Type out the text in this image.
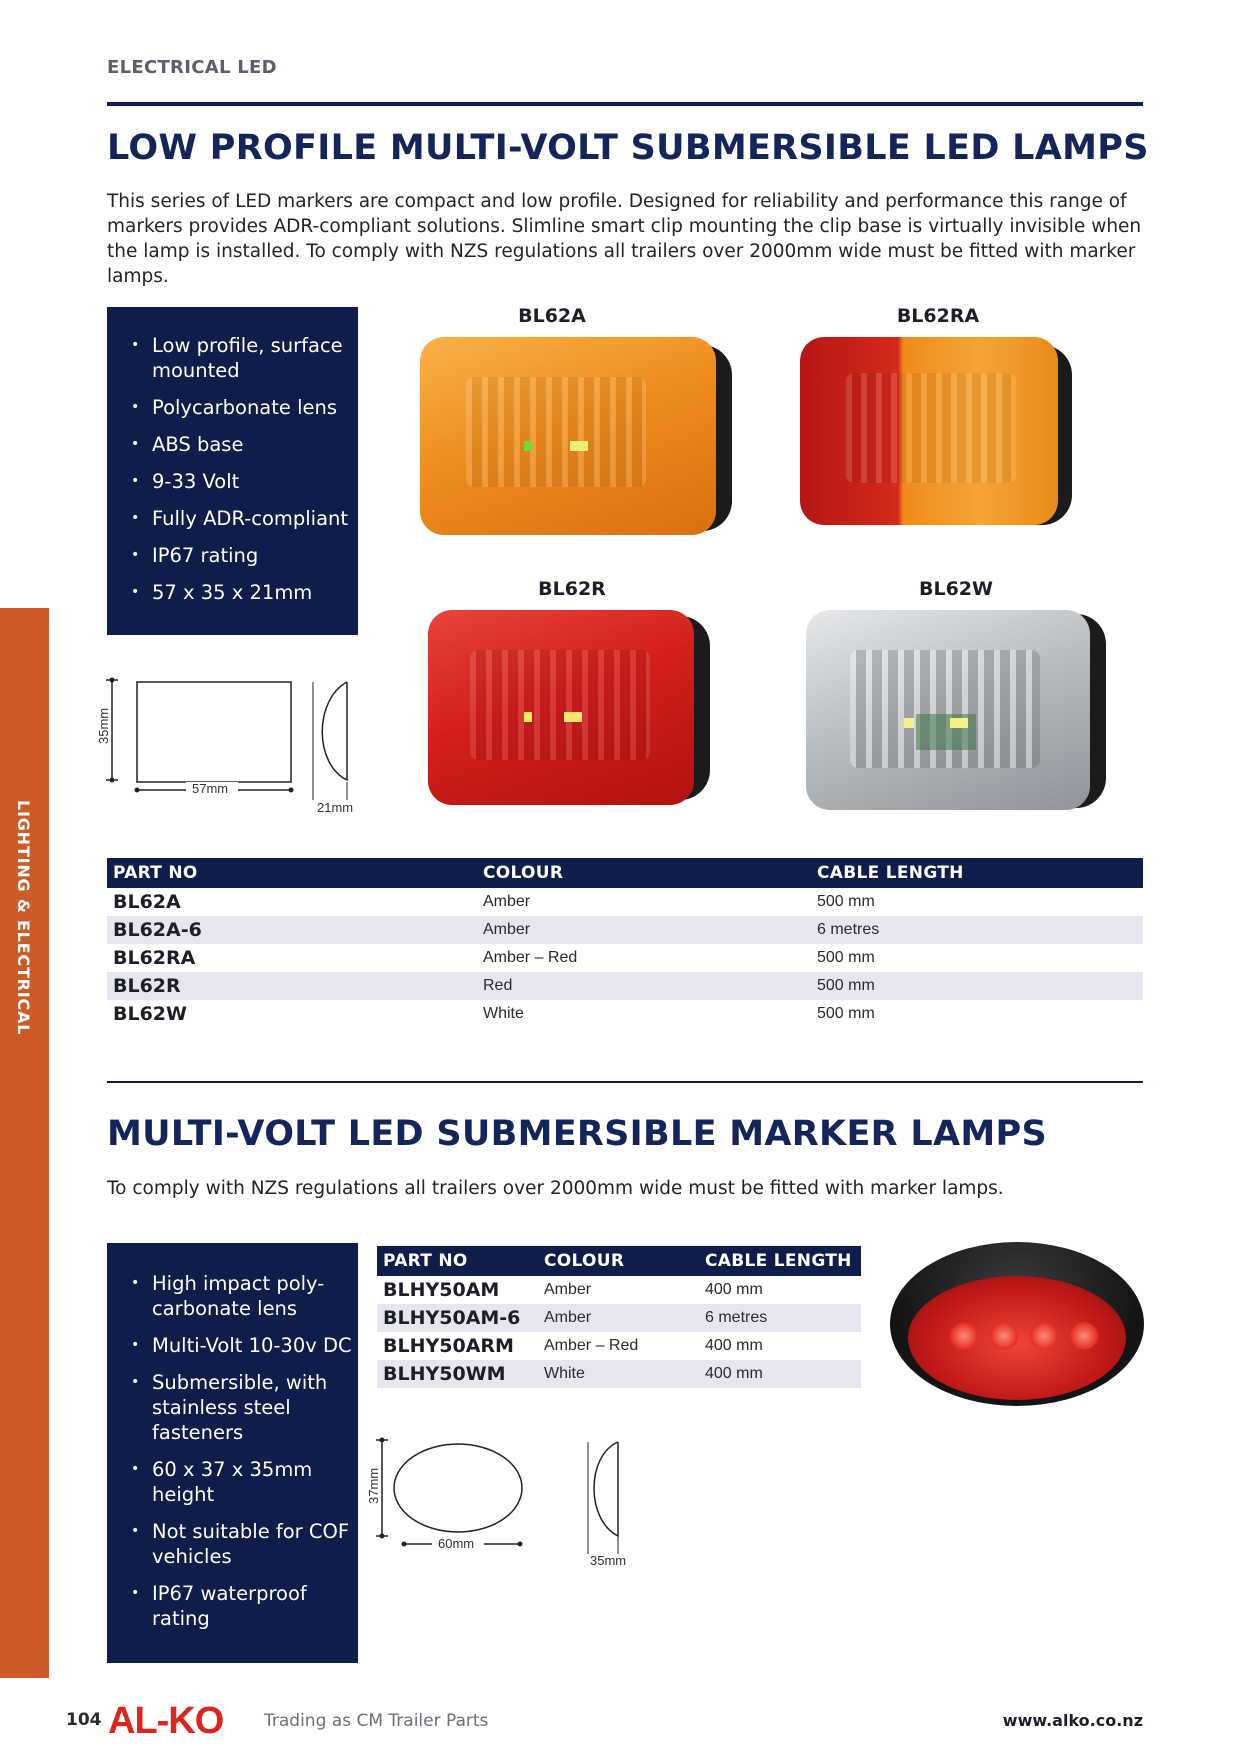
ELECTRICAL LED
LIGHTING & ELECTRICAL
LOW PROFILE MULTI-VOLT SUBMERSIBLE LED LAMPS
This series of LED markers are compact and low profile. Designed for reliability and performance this range of markers provides ADR-compliant solutions. Slimline smart clip mounting the clip base is virtually invisible when the lamp is installed. To comply with NZS regulations all trailers over 2000mm wide must be fitted with marker lamps.
• Low profile, surface mounted
• Polycarbonate lens
• ABS base
• 9-33 Volt
• Fully ADR-compliant
• IP67 rating
• 57 x 35 x 21mm
BL62A	BL62RA
BL62R	BL62W
35mm
57mm
21mm
PART NO	COLOUR	CABLE LENGTH
BL62A	Amber	500 mm
BL62A-6	Amber	6 metres
BL62RA	Amber – Red	500 mm
BL62R	Red	500 mm
BL62W	White	500 mm
MULTI-VOLT LED SUBMERSIBLE MARKER LAMPS
To comply with NZS regulations all trailers over 2000mm wide must be fitted with marker lamps.
• High impact poly-carbonate lens
• Multi-Volt 10-30v DC
• Submersible, with stainless steel fasteners
• 60 x 37 x 35mm height
• Not suitable for COF vehicles
• IP67 waterproof rating
PART NO	COLOUR	CABLE LENGTH
BLHY50AM	Amber	400 mm
BLHY50AM-6	Amber	6 metres
BLHY50ARM	Amber – Red	400 mm
BLHY50WM	White	400 mm
37mm
60mm
35mm
104 AL-KO Trading as CM Trailer Parts	www.alko.co.nz
